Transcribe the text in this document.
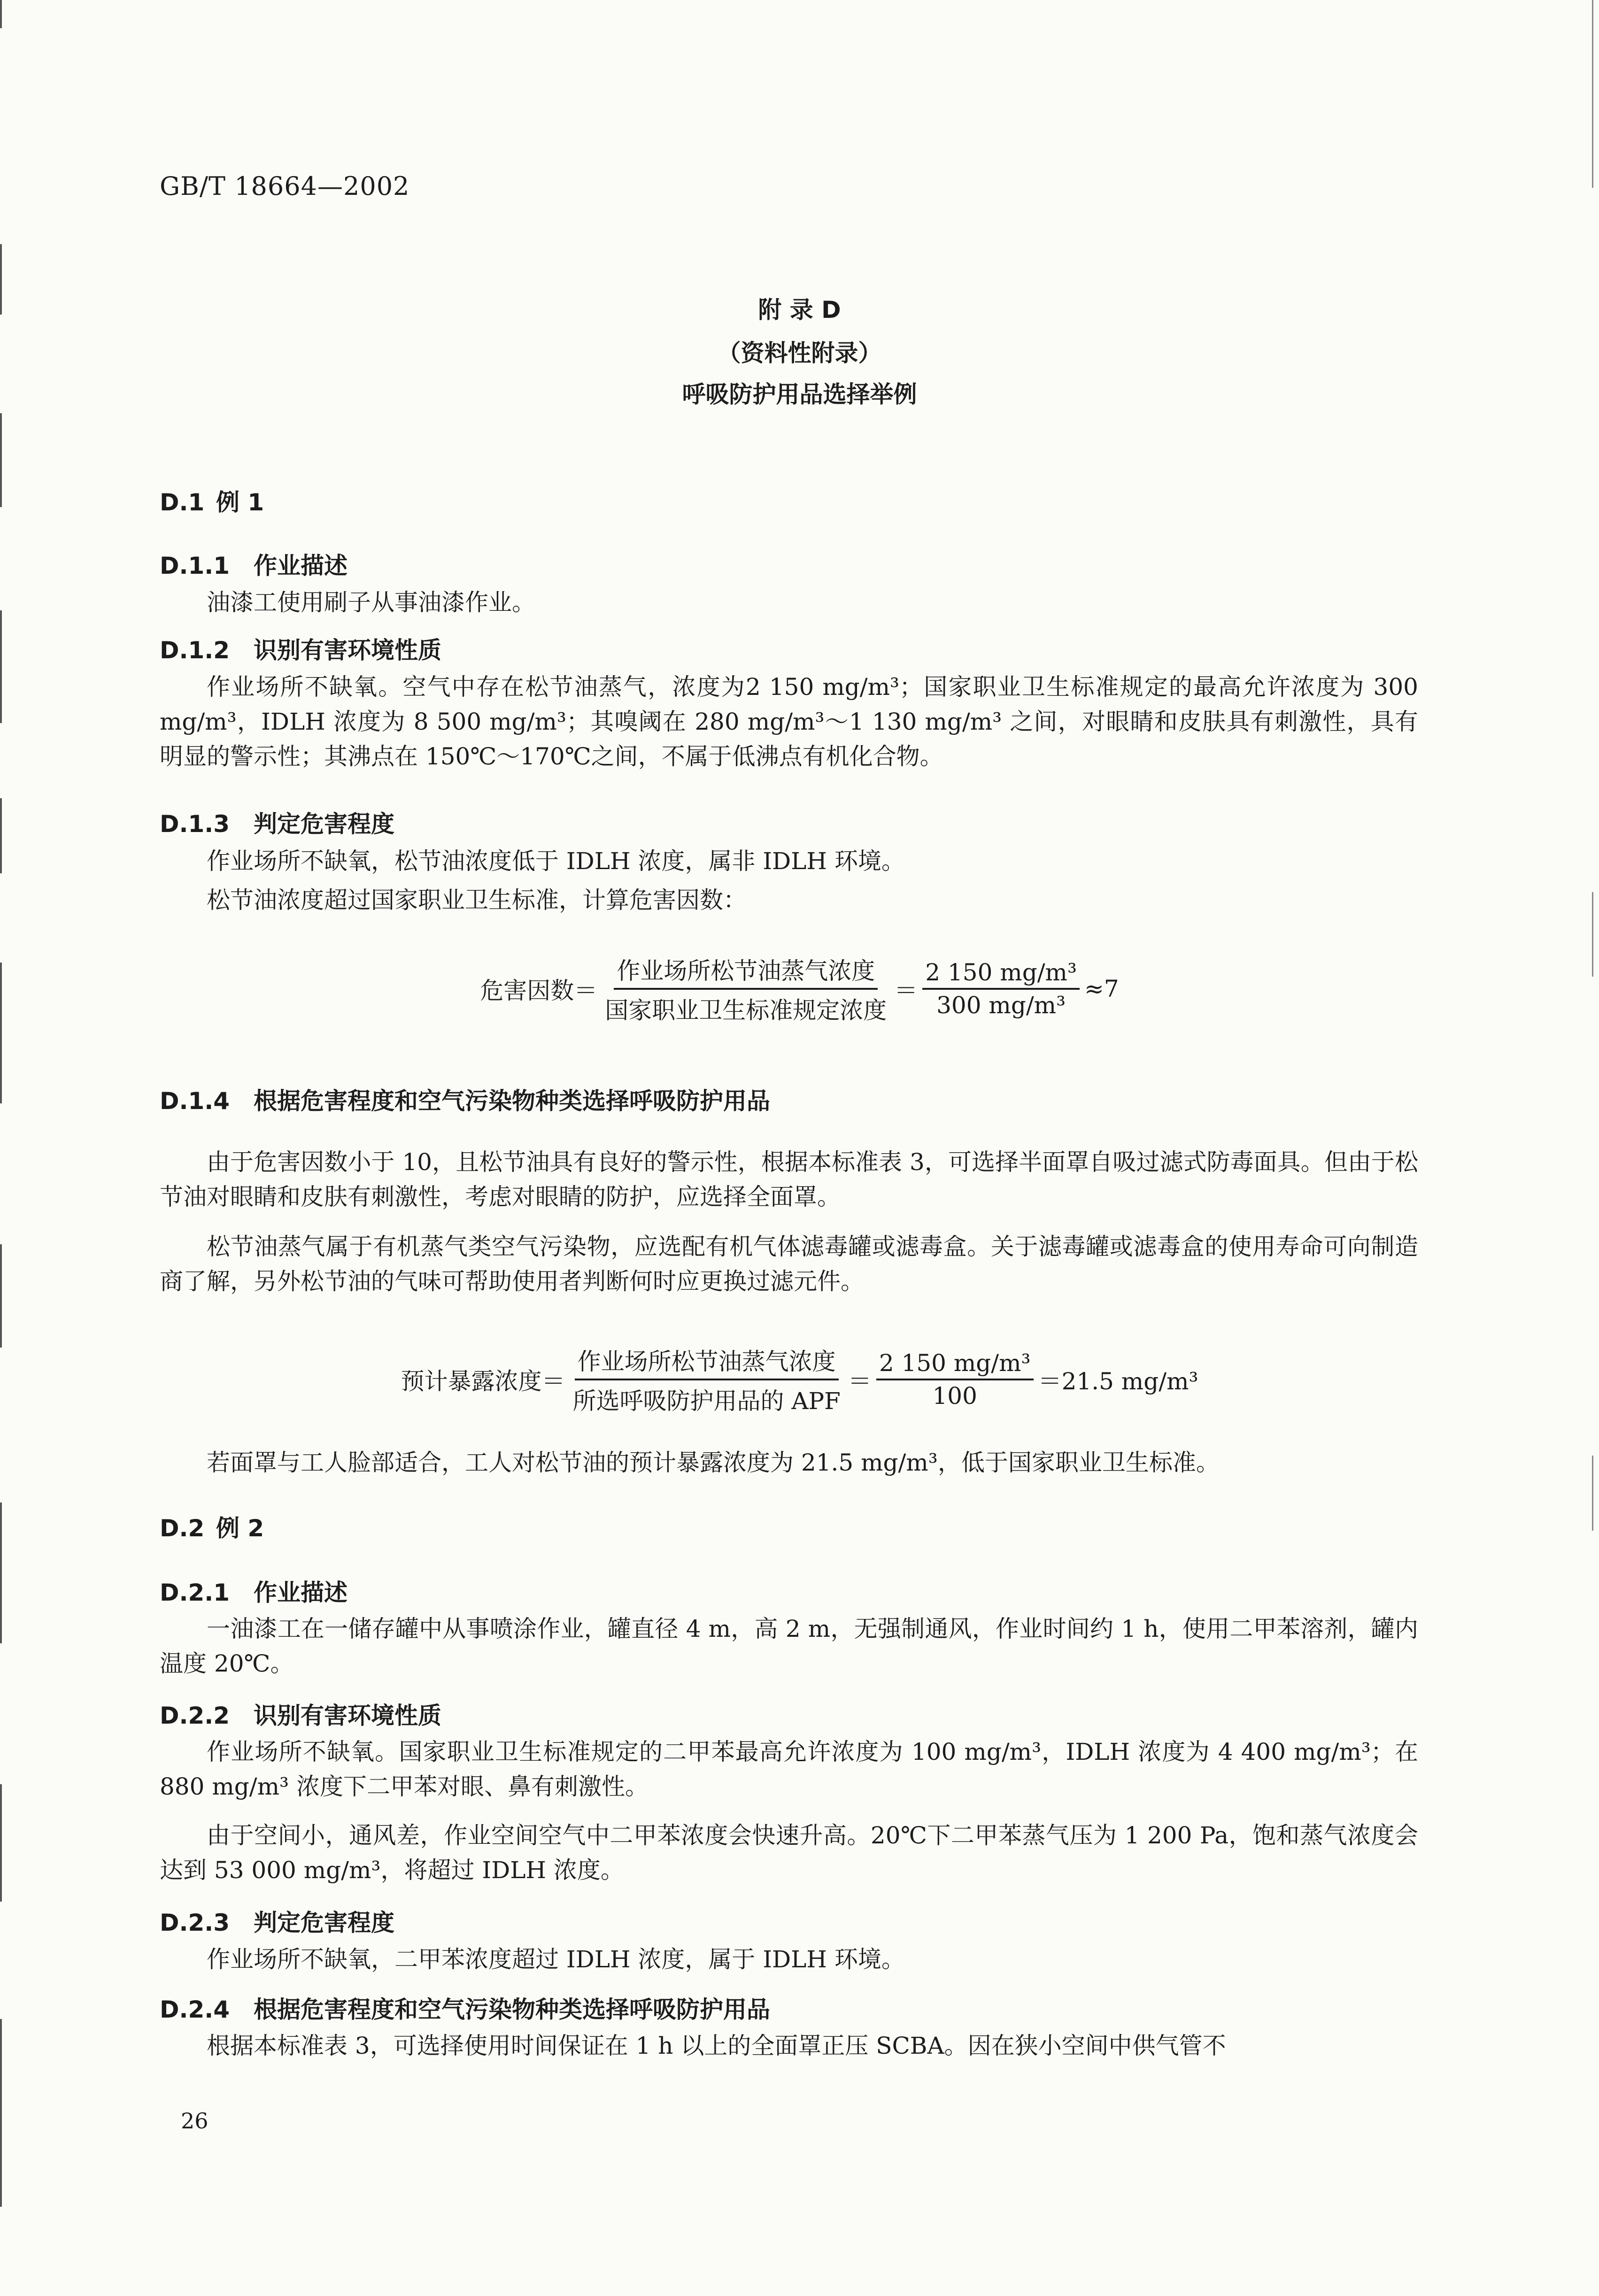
GB/T 18664—2002
附 录 D
（资料性附录）
呼吸防护用品选择举例
D.1 例 1
D.1.1 作业描述
油漆工使用刷子从事油漆作业。
D.1.2 识别有害环境性质
作业场所不缺氧。空气中存在松节油蒸气，浓度为2 150 mg/m³；国家职业卫生标准规定的最高允许浓度为 300 mg/m³，IDLH 浓度为 8 500 mg/m³；其嗅阈在 280 mg/m³～1 130 mg/m³ 之间，对眼睛和皮肤具有刺激性，具有明显的警示性；其沸点在 150℃～170℃之间，不属于低沸点有机化合物。
D.1.3 判定危害程度
作业场所不缺氧，松节油浓度低于 IDLH 浓度，属非 IDLH 环境。
松节油浓度超过国家职业卫生标准，计算危害因数：
危害因数＝ $\frac{\text{作业场所松节油蒸气浓度}}{\text{国家职业卫生标准规定浓度}} = \frac{\text{2 150 mg/m³}}{\text{300 mg/m³}} \approx 7$
D.1.4 根据危害程度和空气污染物种类选择呼吸防护用品
由于危害因数小于 10，且松节油具有良好的警示性，根据本标准表 3，可选择半面罩自吸过滤式防毒面具。但由于松节油对眼睛和皮肤有刺激性，考虑对眼睛的防护，应选择全面罩。
松节油蒸气属于有机蒸气类空气污染物，应选配有机气体滤毒罐或滤毒盒。关于滤毒罐或滤毒盒的使用寿命可向制造商了解，另外松节油的气味可帮助使用者判断何时应更换过滤元件。
预计暴露浓度＝ $\frac{\text{作业场所松节油蒸气浓度}}{\text{所选呼吸防护用品的 APF}} = \frac{\text{2 150 mg/m³}}{100} =21.5$ mg/m³
若面罩与工人脸部适合，工人对松节油的预计暴露浓度为 21.5 mg/m³，低于国家职业卫生标准。
D.2 例 2
D.2.1 作业描述
一油漆工在一储存罐中从事喷涂作业，罐直径 4 m，高 2 m，无强制通风，作业时间约 1 h，使用二甲苯溶剂，罐内温度 20℃。
D.2.2 识别有害环境性质
作业场所不缺氧。国家职业卫生标准规定的二甲苯最高允许浓度为 100 mg/m³，IDLH 浓度为 4 400 mg/m³；在 880 mg/m³ 浓度下二甲苯对眼、鼻有刺激性。
由于空间小，通风差，作业空间空气中二甲苯浓度会快速升高。20℃下二甲苯蒸气压为 1 200 Pa，饱和蒸气浓度会达到 53 000 mg/m³，将超过 IDLH 浓度。
D.2.3 判定危害程度
作业场所不缺氧，二甲苯浓度超过 IDLH 浓度，属于 IDLH 环境。
D.2.4 根据危害程度和空气污染物种类选择呼吸防护用品
根据本标准表 3，可选择使用时间保证在 1 h 以上的全面罩正压 SCBA。因在狭小空间中供气管不
26
